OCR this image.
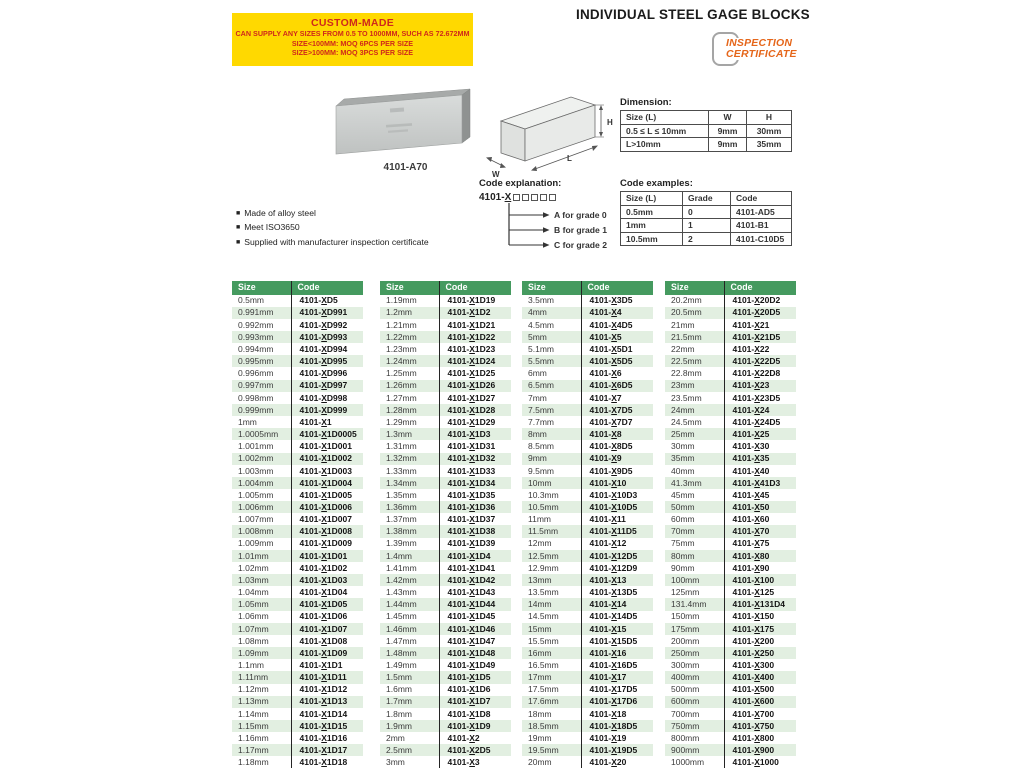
CUSTOM-MADE
CAN SUPPLY ANY SIZES FROM 0.5 TO 1000MM, SUCH AS 72.672MM
SIZE<100MM: MOQ 6PCS PER SIZE
SIZE>100MM: MOQ 3PCS PER SIZE
INDIVIDUAL STEEL GAGE BLOCKS
INSPECTION
CERTIFICATE
4101-A70
H
L
W
■ Made of alloy steel
■ Meet ISO3650
■ Supplied with manufacturer inspection certificate
Dimension:
Size (L)	W	H
0.5 ≤ L ≤ 10mm	9mm	30mm
L>10mm	9mm	35mm
Code explanation:
4101-X
A for grade 0
B for grade 1
C for grade 2
Code examples:
Size (L)	Grade	Code
0.5mm	0	4101-AD5
1mm	1	4101-B1
10.5mm	2	4101-C10D5
Size	Code
0.5mm	4101-XD5
0.991mm	4101-XD991
0.992mm	4101-XD992
0.993mm	4101-XD993
0.994mm	4101-XD994
0.995mm	4101-XD995
0.996mm	4101-XD996
0.997mm	4101-XD997
0.998mm	4101-XD998
0.999mm	4101-XD999
1mm	4101-X1
1.0005mm	4101-X1D0005
1.001mm	4101-X1D001
1.002mm	4101-X1D002
1.003mm	4101-X1D003
1.004mm	4101-X1D004
1.005mm	4101-X1D005
1.006mm	4101-X1D006
1.007mm	4101-X1D007
1.008mm	4101-X1D008
1.009mm	4101-X1D009
1.01mm	4101-X1D01
1.02mm	4101-X1D02
1.03mm	4101-X1D03
1.04mm	4101-X1D04
1.05mm	4101-X1D05
1.06mm	4101-X1D06
1.07mm	4101-X1D07
1.08mm	4101-X1D08
1.09mm	4101-X1D09
1.1mm	4101-X1D1
1.11mm	4101-X1D11
1.12mm	4101-X1D12
1.13mm	4101-X1D13
1.14mm	4101-X1D14
1.15mm	4101-X1D15
1.16mm	4101-X1D16
1.17mm	4101-X1D17
1.18mm	4101-X1D18
Size	Code
1.19mm	4101-X1D19
1.2mm	4101-X1D2
1.21mm	4101-X1D21
1.22mm	4101-X1D22
1.23mm	4101-X1D23
1.24mm	4101-X1D24
1.25mm	4101-X1D25
1.26mm	4101-X1D26
1.27mm	4101-X1D27
1.28mm	4101-X1D28
1.29mm	4101-X1D29
1.3mm	4101-X1D3
1.31mm	4101-X1D31
1.32mm	4101-X1D32
1.33mm	4101-X1D33
1.34mm	4101-X1D34
1.35mm	4101-X1D35
1.36mm	4101-X1D36
1.37mm	4101-X1D37
1.38mm	4101-X1D38
1.39mm	4101-X1D39
1.4mm	4101-X1D4
1.41mm	4101-X1D41
1.42mm	4101-X1D42
1.43mm	4101-X1D43
1.44mm	4101-X1D44
1.45mm	4101-X1D45
1.46mm	4101-X1D46
1.47mm	4101-X1D47
1.48mm	4101-X1D48
1.49mm	4101-X1D49
1.5mm	4101-X1D5
1.6mm	4101-X1D6
1.7mm	4101-X1D7
1.8mm	4101-X1D8
1.9mm	4101-X1D9
2mm	4101-X2
2.5mm	4101-X2D5
3mm	4101-X3
Size	Code
3.5mm	4101-X3D5
4mm	4101-X4
4.5mm	4101-X4D5
5mm	4101-X5
5.1mm	4101-X5D1
5.5mm	4101-X5D5
6mm	4101-X6
6.5mm	4101-X6D5
7mm	4101-X7
7.5mm	4101-X7D5
7.7mm	4101-X7D7
8mm	4101-X8
8.5mm	4101-X8D5
9mm	4101-X9
9.5mm	4101-X9D5
10mm	4101-X10
10.3mm	4101-X10D3
10.5mm	4101-X10D5
11mm	4101-X11
11.5mm	4101-X11D5
12mm	4101-X12
12.5mm	4101-X12D5
12.9mm	4101-X12D9
13mm	4101-X13
13.5mm	4101-X13D5
14mm	4101-X14
14.5mm	4101-X14D5
15mm	4101-X15
15.5mm	4101-X15D5
16mm	4101-X16
16.5mm	4101-X16D5
17mm	4101-X17
17.5mm	4101-X17D5
17.6mm	4101-X17D6
18mm	4101-X18
18.5mm	4101-X18D5
19mm	4101-X19
19.5mm	4101-X19D5
20mm	4101-X20
Size	Code
20.2mm	4101-X20D2
20.5mm	4101-X20D5
21mm	4101-X21
21.5mm	4101-X21D5
22mm	4101-X22
22.5mm	4101-X22D5
22.8mm	4101-X22D8
23mm	4101-X23
23.5mm	4101-X23D5
24mm	4101-X24
24.5mm	4101-X24D5
25mm	4101-X25
30mm	4101-X30
35mm	4101-X35
40mm	4101-X40
41.3mm	4101-X41D3
45mm	4101-X45
50mm	4101-X50
60mm	4101-X60
70mm	4101-X70
75mm	4101-X75
80mm	4101-X80
90mm	4101-X90
100mm	4101-X100
125mm	4101-X125
131.4mm	4101-X131D4
150mm	4101-X150
175mm	4101-X175
200mm	4101-X200
250mm	4101-X250
300mm	4101-X300
400mm	4101-X400
500mm	4101-X500
600mm	4101-X600
700mm	4101-X700
750mm	4101-X750
800mm	4101-X800
900mm	4101-X900
1000mm	4101-X1000
